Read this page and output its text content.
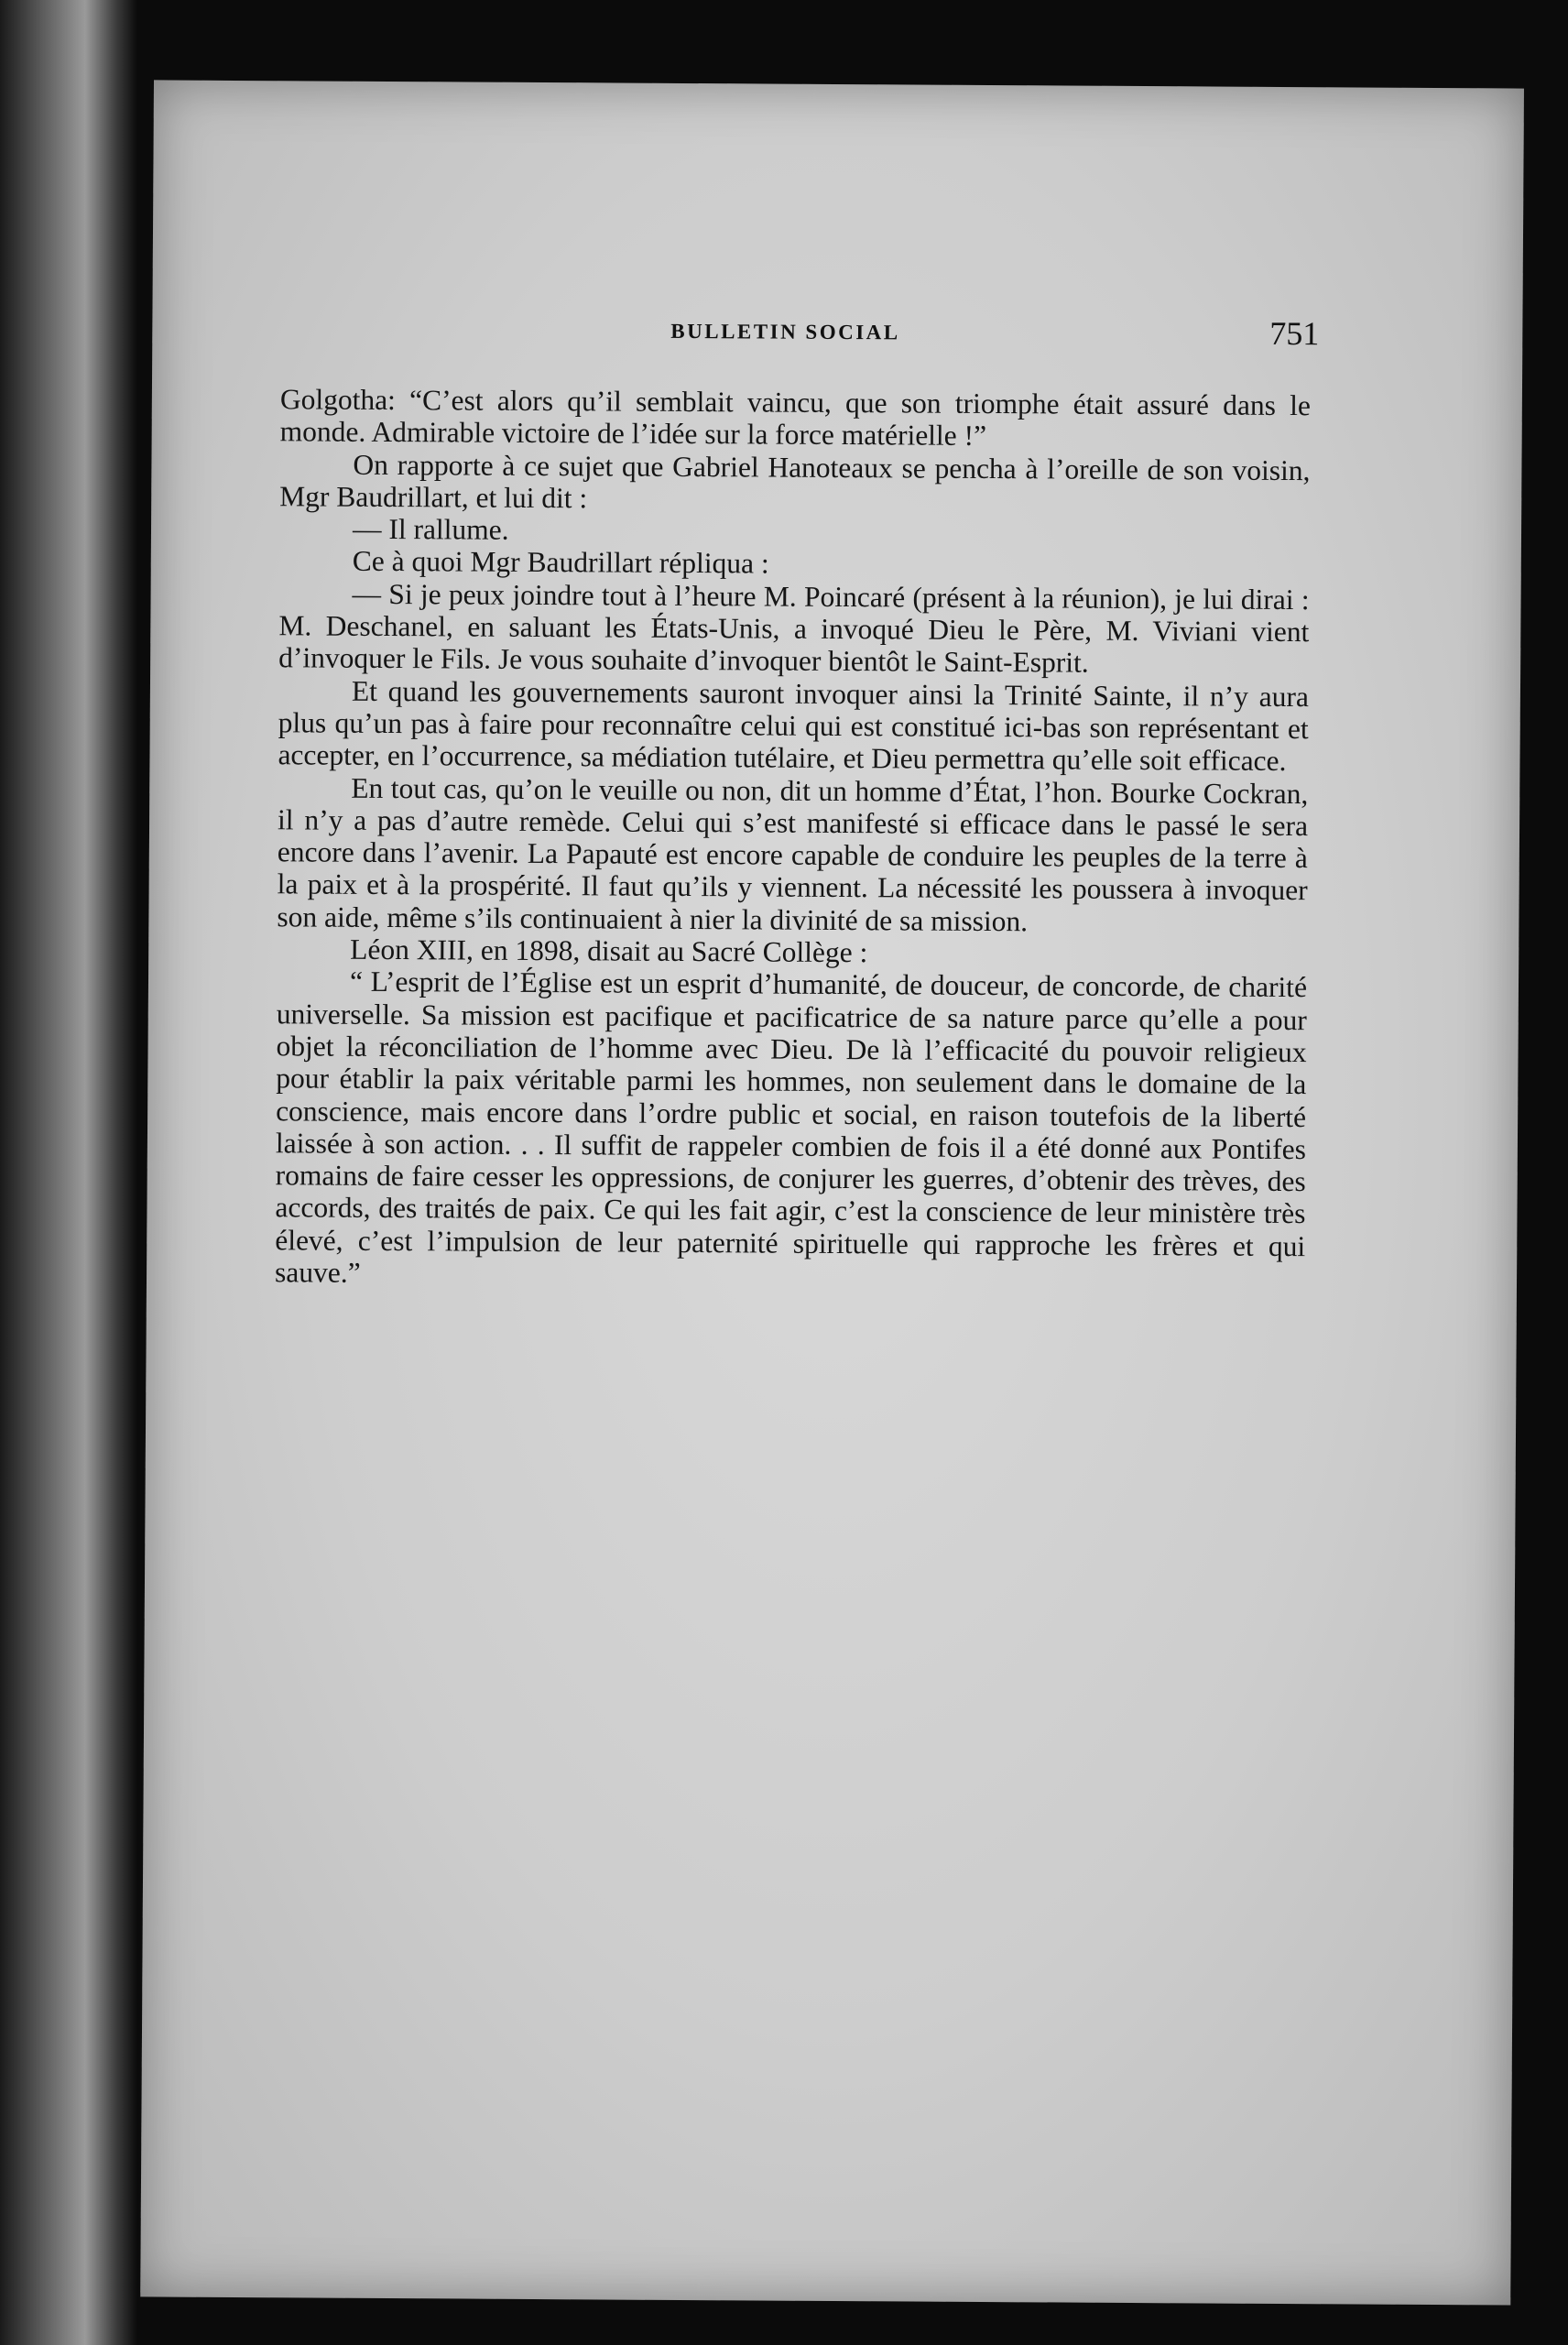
BULLETIN SOCIAL	751

Golgotha: “C’est alors qu’il semblait vaincu, que son triomphe était assuré dans le monde. Admirable victoire de l’idée sur la force matérielle !”

On rapporte à ce sujet que Gabriel Hanoteaux se pencha à l’oreille de son voisin, Mgr Baudrillart, et lui dit :

— Il rallume.

Ce à quoi Mgr Baudrillart répliqua :

— Si je peux joindre tout à l’heure M. Poincaré (présent à la réunion), je lui dirai : M. Deschanel, en saluant les États-Unis, a invoqué Dieu le Père, M. Viviani vient d’invoquer le Fils. Je vous souhaite d’invoquer bientôt le Saint-Esprit.

Et quand les gouvernements sauront invoquer ainsi la Trinité Sainte, il n’y aura plus qu’un pas à faire pour reconnaître celui qui est constitué ici-bas son représentant et accepter, en l’occurrence, sa médiation tutélaire, et Dieu permettra qu’elle soit efficace.

En tout cas, qu’on le veuille ou non, dit un homme d’État, l’hon. Bourke Cockran, il n’y a pas d’autre remède. Celui qui s’est manifesté si efficace dans le passé le sera encore dans l’avenir. La Papauté est encore capable de conduire les peuples de la terre à la paix et à la prospérité. Il faut qu’ils y viennent. La nécessité les poussera à invoquer son aide, même s’ils continuaient à nier la divinité de sa mission.

Léon XIII, en 1898, disait au Sacré Collège :

“ L’esprit de l’Église est un esprit d’humanité, de douceur, de concorde, de charité universelle. Sa mission est pacifique et pacificatrice de sa nature parce qu’elle a pour objet la réconciliation de l’homme avec Dieu. De là l’efficacité du pouvoir religieux pour établir la paix véritable parmi les hommes, non seulement dans le domaine de la conscience, mais encore dans l’ordre public et social, en raison toutefois de la liberté laissée à son action. . . Il suffit de rappeler combien de fois il a été donné aux Pontifes romains de faire cesser les oppressions, de conjurer les guerres, d’obtenir des trèves, des accords, des traités de paix. Ce qui les fait agir, c’est la conscience de leur ministère très élevé, c’est l’impulsion de leur paternité spirituelle qui rapproche les frères et qui sauve.”
